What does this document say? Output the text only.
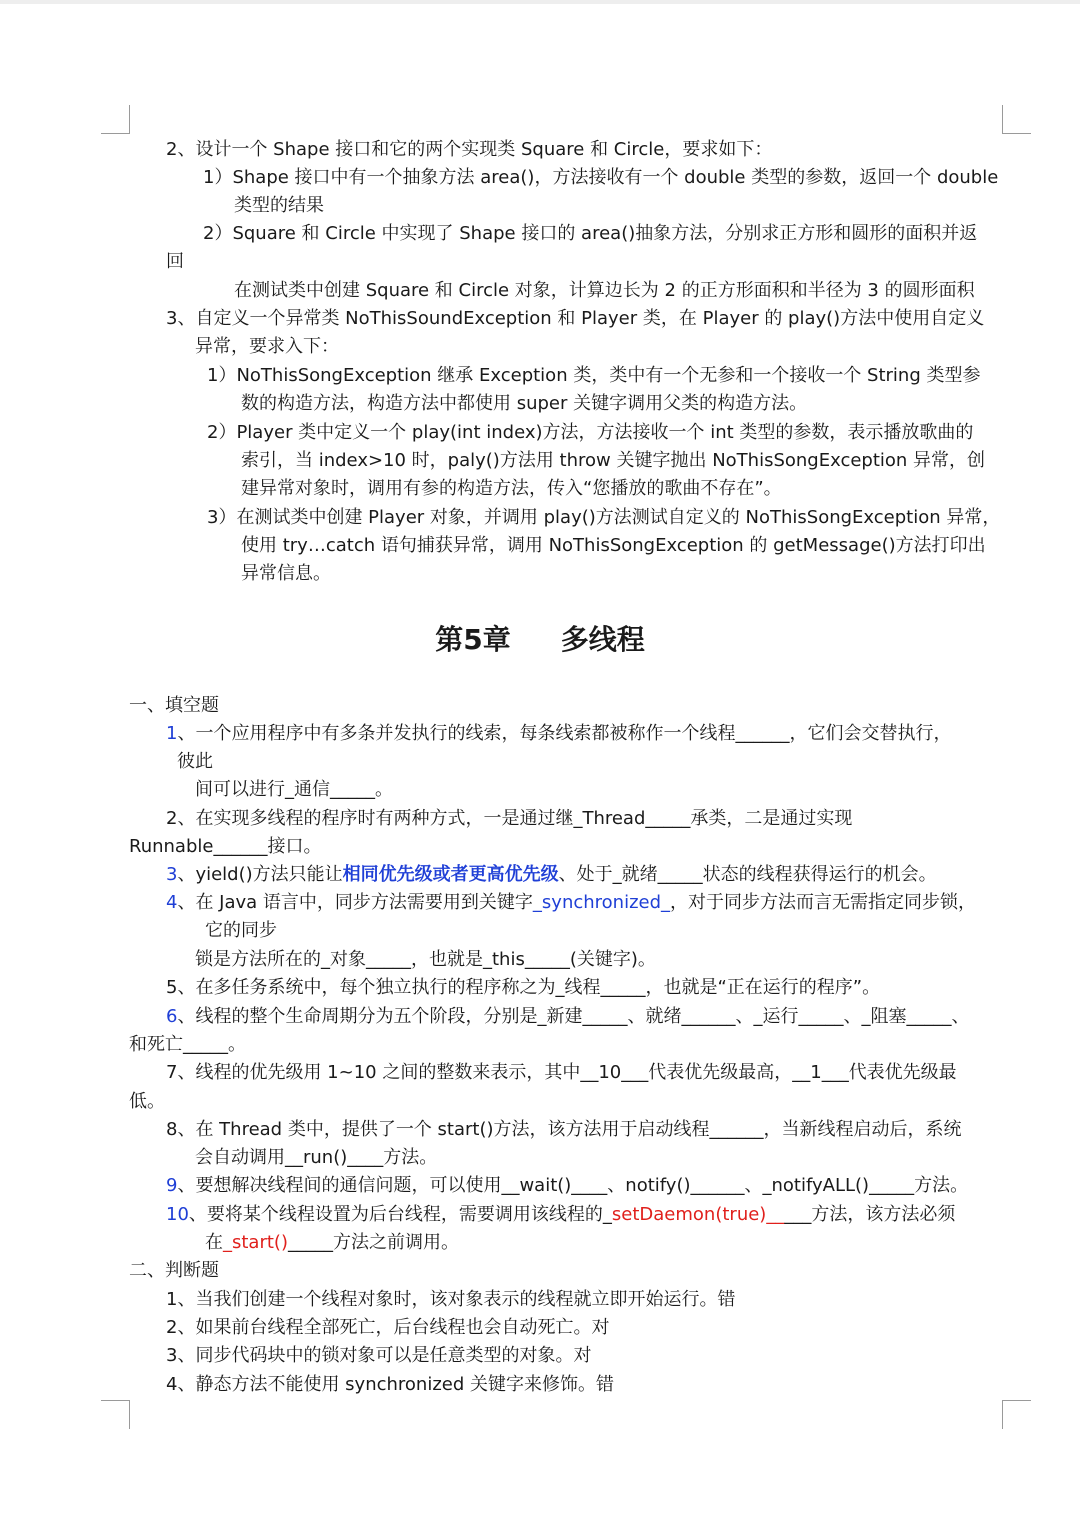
2、设计一个 Shape 接口和它的两个实现类 Square 和 Circle，要求如下：

1）Shape 接口中有一个抽象方法 area()，方法接收有一个 double 类型的参数，返回一个 double

类型的结果

2）Square 和 Circle 中实现了 Shape 接口的 area()抽象方法，分别求正方形和圆形的面积并返

回

在测试类中创建 Square 和 Circle 对象，计算边长为 2 的正方形面积和半径为 3 的圆形面积

3、自定义一个异常类 NoThisSoundException 和 Player 类，在 Player 的 play()方法中使用自定义

异常，要求入下：

1）NoThisSongException 继承 Exception 类，类中有一个无参和一个接收一个 String 类型参

数的构造方法，构造方法中都使用 super 关键字调用父类的构造方法。

2）Player 类中定义一个 play(int index)方法，方法接收一个 int 类型的参数，表示播放歌曲的

索引，当 index>10 时，paly()方法用 throw 关键字抛出 NoThisSongException 异常，创

建异常对象时，调用有参的构造方法，传入“您播放的歌曲不存在”。

3）在测试类中创建 Player 对象，并调用 play()方法测试自定义的 NoThisSongException 异常，

使用 try…catch 语句捕获异常，调用 NoThisSongException 的 getMessage()方法打印出

异常信息。

第5章 多线程

一、填空题

1、一个应用程序中有多条并发执行的线索，每条线索都被称作一个线程______，它们会交替执行，

彼此

间可以进行_通信_____。

2、在实现多线程的程序时有两种方式，一是通过继_Thread_____承类，二是通过实现

Runnable______接口。

3、yield()方法只能让相同优先级或者更高优先级、处于_就绪_____状态的线程获得运行的机会。

4、在 Java 语言中，同步方法需要用到关键字_synchronized_，对于同步方法而言无需指定同步锁，

它的同步

锁是方法所在的_对象_____，也就是_this_____(关键字)。

5、在多任务系统中，每个独立执行的程序称之为_线程_____，也就是“正在运行的程序”。

6、线程的整个生命周期分为五个阶段，分别是_新建_____、就绪______、_运行_____、_阻塞_____、

和死亡_____。

7、线程的优先级用 1~10 之间的整数来表示，其中__10___代表优先级最高，__1___代表优先级最

低。

8、在 Thread 类中，提供了一个 start()方法，该方法用于启动线程______，当新线程启动后，系统

会自动调用__run()____方法。

9、要想解决线程间的通信问题，可以使用__wait()____、notify()______、_notifyALL()_____方法。

10、要将某个线程设置为后台线程，需要调用该线程的_setDaemon(true)_____方法，该方法必须

在_start()_____方法之前调用。

二、判断题

1、当我们创建一个线程对象时，该对象表示的线程就立即开始运行。错

2、如果前台线程全部死亡，后台线程也会自动死亡。对

3、同步代码块中的锁对象可以是任意类型的对象。对

4、静态方法不能使用 synchronized 关键字来修饰。错
